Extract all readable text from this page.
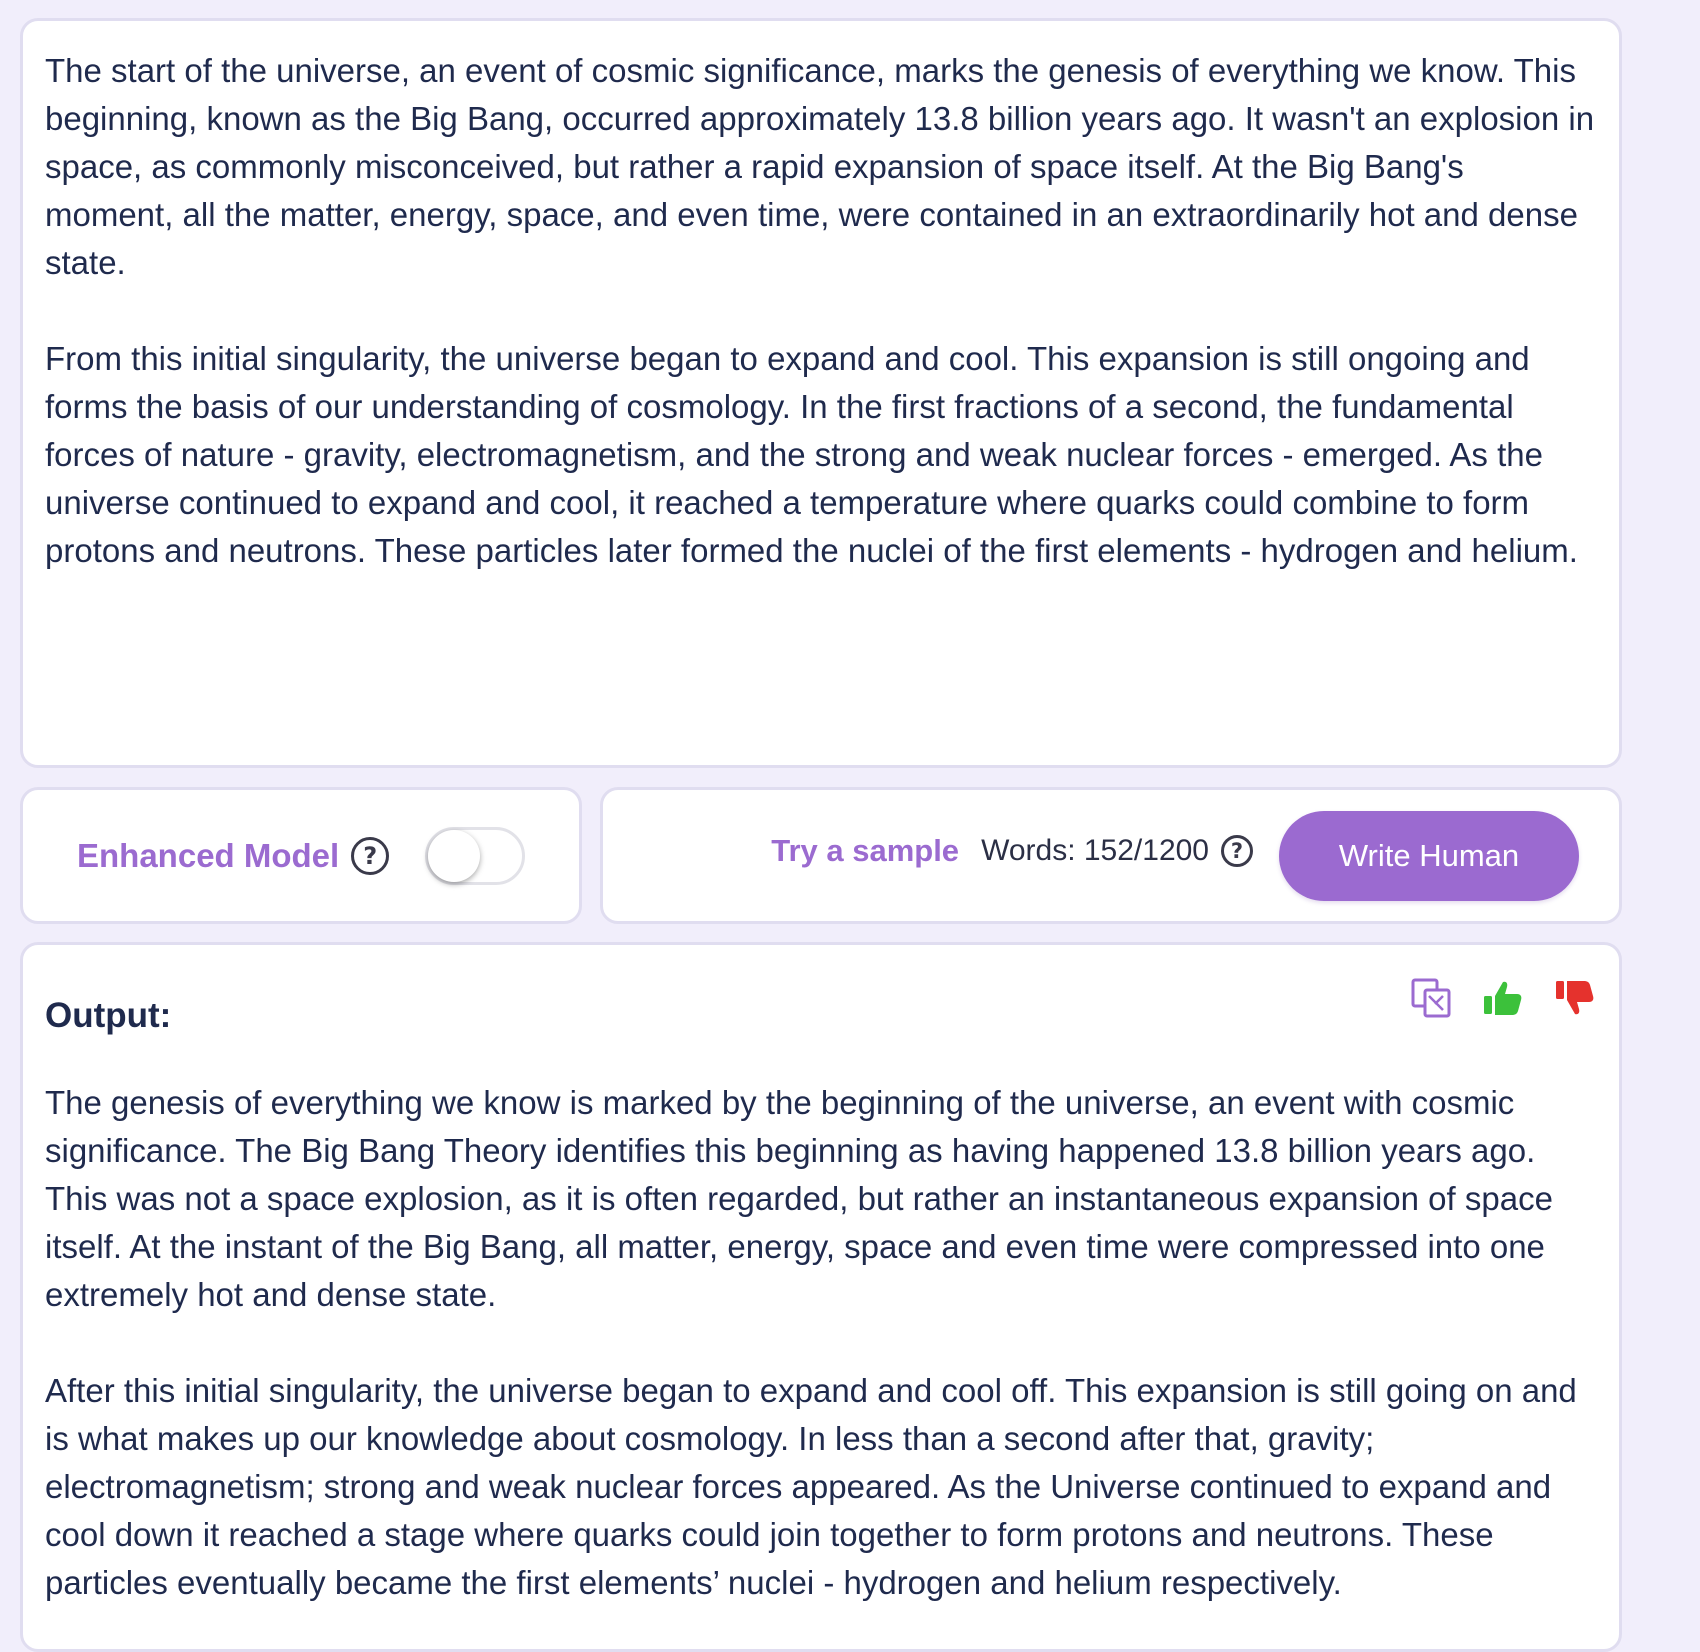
The start of the universe, an event of cosmic significance, marks the genesis of everything we know. This beginning, known as the Big Bang, occurred approximately 13.8 billion years ago. It wasn't an explosion in space, as commonly misconceived, but rather a rapid expansion of space itself. At the Big Bang's moment, all the matter, energy, space, and even time, were contained in an extraordinarily hot and dense state. From this initial singularity, the universe began to expand and cool. This expansion is still ongoing and forms the basis of our understanding of cosmology. In the first fractions of a second, the fundamental forces of nature - gravity, electromagnetism, and the strong and weak nuclear forces - emerged. As the universe continued to expand and cool, it reached a temperature where quarks could combine to form protons and neutrons. These particles later formed the nuclei of the first elements - hydrogen and helium.
Enhanced Model	?	Try a sample Words: 152/1200	?	Write Human
Output:

The genesis of everything we know is marked by the beginning of the universe, an event with cosmic significance. The Big Bang Theory identifies this beginning as having happened 13.8 billion years ago. This was not a space explosion, as it is often regarded, but rather an instantaneous expansion of space itself. At the instant of the Big Bang, all matter, energy, space and even time were compressed into one extremely hot and dense state.

After this initial singularity, the universe began to expand and cool off. This expansion is still going on and is what makes up our knowledge about cosmology. In less than a second after that, gravity; electromagnetism; strong and weak nuclear forces appeared. As the Universe continued to expand and cool down it reached a stage where quarks could join together to form protons and neutrons. These particles eventually became the first elements’ nuclei - hydrogen and helium respectively.
